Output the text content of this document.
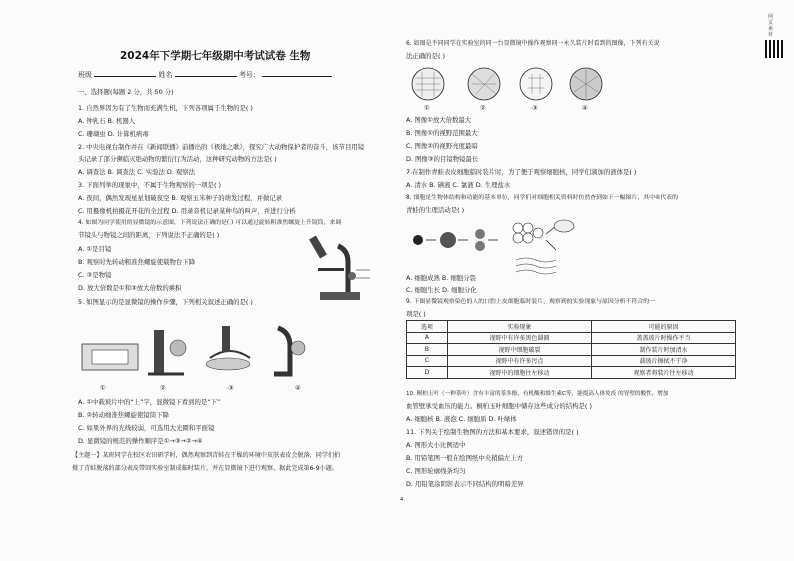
网页素材
2024年下学期七年级期中考试试卷 生物
班级	姓名	考号：
一、选择题(每题 2 分，共 50 分)
1. 自然界因为有了生物而充满生机，下列各项属于生物的是( )
A. 钟乳石 B. 机器人
C. 珊瑚虫 D. 计算机病毒
2. 中央电视台制作并在《新闻联播》前播出的《极地之歌》，探究广大动物保护者的奋斗，该节目用镜
头记录了部分濒临灭绝动物的繁衍行为活动，这种研究动物的方法是( )
A. 调查法 B. 调查法 C. 实验法 D. 观察法
3. 下面列举的现象中，不属于生物观察的一项是( )
A. 夜间，偶然发现星星划破夜空 B. 观察玉米种子的萌发过程，并做记录
C. 用摄像机拍摄花开花的全过程 D. 用录音机记录某种鸟的叫声，并进行分析
4. 如图为同学使用的显微镜的示意图，下列说法正确的是( ) 可以通过旋转粗准焦螺旋上升镜筒，来调
节镜头与物镜之间的距离，下列说法不正确的是( )
A. ①是目镜
B. 观察时先转动粗准焦螺旋使载物台下降
C. ③是物镜
D. 放大倍数是①和③放大倍数的乘积
5. 如图显示的是显微镜的操作步骤，下列相关叙述正确的是( )
①	②	③	④
A. ①中载玻片中的“上”字，显微镜下看到的是“下”
B. ②转动细准焦螺旋使镜筒下降
C. 如果外界的光线较弱，可选用大光圈和平面镜
D. 显微镜的规范的操作顺序是①→③→②→④
【主题一】某班同学在校区农田研学时，偶然观察到青蛙在干燥的环境中皮肤表皮会脱落，同学们拍
摄了青蛙脱落的部分表皮带回实验室制成临时装片，并在显微镜下进行观察，据此完成第6-9小题。
6. 如图是不同同学在实验室的同一台显微镜中操作观察同一永久装片时看到的图像，下列有关说
法正确的是( )
①	②	③	④
A. 图像①放大倍数最大
B. 图像①的视野范围最大
C. 图像②的视野亮度最暗
D. 图像③的目镜物镜最长
7.在制作青蛙表皮细胞临时装片时，为了便于观察细胞核，同学们滴加的液体是( )
A. 清水 B. 碘液 C. 氯液 D. 生理盐水
8. 细胞是生物体结构和功能的基本单位，同学们对细胞相关资料时仿然查到如下一幅图片，其中⑥代表的
青蛙的生理活动是( )
A. 细胞成熟 B. 细胞分裂
C. 细胞生长 D. 细胞分化
9. 下图显微镜观察染色的人的口腔上皮细胞临时装片，观察到的实验现象与原因分析不符合的一
项是( )
选项	实验现象	可能的原因
A	视野中有许多黑色圆圈	盖盖玻片时操作不当
B	视野中细胞破裂	制作装片时加清水
C	视野中有许多污点	载玻片擦拭不干净
D	视野中的细胞往左移动	观察者将装片往左移动
10. 桐柏玉叶（一种茶叶）含有丰富的茶多酚、有机酸和维生素C等，能提高人体免疫 的胃壁的酸性，增加
血管壁承受血压的能力。桐柏玉叶细胞中储存这些成分的结构是( )
A. 细胞核 B. 液泡 C. 细胞质 D. 叶绿体
11. 下列关于绘制生物图的方法和基本要求，叙述错误的是( )
A. 图形大小比例适中
B. 用铅笔图一般在绘图纸中央稍偏左上方
C. 图形轮廓线条均匀
D. 用铅笔涂阴影表示不同结构的明暗差异
4
